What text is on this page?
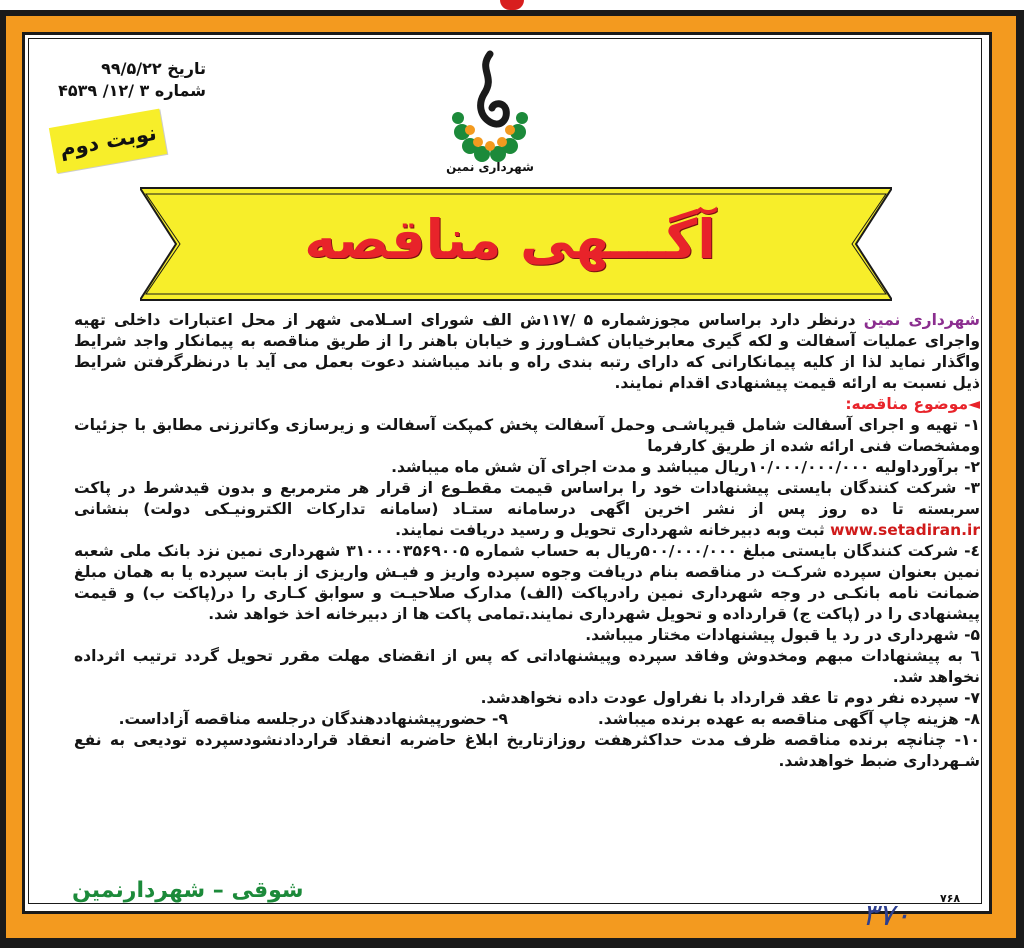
تاریخ ۹۹/۵/۲۲
شماره ۳ /۱۲/ ۴۵۳۹
نوبت دوم
شهرداری نمین
آگـــهی مناقصه

شهرداری نمین درنظر دارد براساس مجوزشماره ۵ /۱۱۷ش الف شورای اسـلامی شهر از محل اعتبارات داخلی تهیه واجرای عملیات آسفالت و لکه گیری معابرخیابان کشـاورز و خیابان باهنر را از طریق مناقصه به پیمانکار واجد شرایط واگذار نماید لذا از کلیه پیمانکارانی که دارای رتبه بندی راه و باند میباشند دعوت بعمل می آید با درنظرگرفتن شرایط ذیل نسبت به ارائه قیمت پیشنهادی اقدام نمایند.

◄موضوع مناقصه:

۱- تهیه و اجرای آسفالت شامل قیرپاشـی وحمل آسفالت پخش کمپکت آسفالت و زیرسازی وکاترزنی مطابق با جزئیات ومشخصات فنی ارائه شده از طریق کارفرما

۲- برآورداولیه ۱۰/۰۰۰/۰۰۰/۰۰۰ریال میباشد و مدت اجرای آن شش ماه میباشد.

۳- شرکت کنندگان بایستی پیشنهادات خود را براساس قیمت مقطـوع از قرار هر مترمربع و بدون قیدشرط در پاکت سربسته تا ده روز پس از نشر اخرین اگهی درسامانه ستـاد (سامانه تدارکات الکترونیـکی دولت) بنشانی www.setadiran.ir ثبت وبه دبیرخانه شهرداری تحویل و رسید دریافت نمایند.

٤- شرکت کنندگان بایستی مبلغ ۵۰۰/۰۰۰/۰۰۰ریال به حساب شماره ۳۱۰۰۰۰۳۵۶۹۰۰۵ شهرداری نمین نزد بانک ملی شعبه نمین بعنوان سپرده شرکـت در مناقصه بنام دریافت وجوه سپرده واریز و فیـش واریزی از بابت سپرده یا به همان مبلغ ضمانت نامه بانکـی در وجه شهرداری نمین رادرپاکت (الف) مدارک صلاحیـت و سوابق کـاری را در(پاکت ب) و قیمت پیشنهادی را در (پاکت ج) قرارداده و تحویل شهرداری نمایند.تمامی پاکت ها از دبیرخانه اخذ خواهد شد.

۵- شهرداری در رد یا قبول پیشنهادات مختار میباشد.

٦ به پیشنهادات مبهم ومخدوش وفاقد سپرده وپیشنهاداتی که پس از انقضای مهلت مقرر تحویل گردد ترتیب اثرداده نخواهد شد.

۷- سپرده نفر دوم تا عقد قرارداد با نفراول عودت داده نخواهدشد.

۸- هزینه چاپ آگهی مناقصه به عهده برنده میباشد.
۹- حضورپیشنهاددهندگان درجلسه مناقصه آزاداست.

۱۰- چنانچه برنده مناقصه ظرف مدت حداکثرهفت روزازتاریخ ابلاغ حاضربه انعقاد قراردادنشودسپرده تودیعی به نفع شـهرداری ضبط خواهدشد.

شوقی – شهردارنمین	۷۶۸
۳۷۰
